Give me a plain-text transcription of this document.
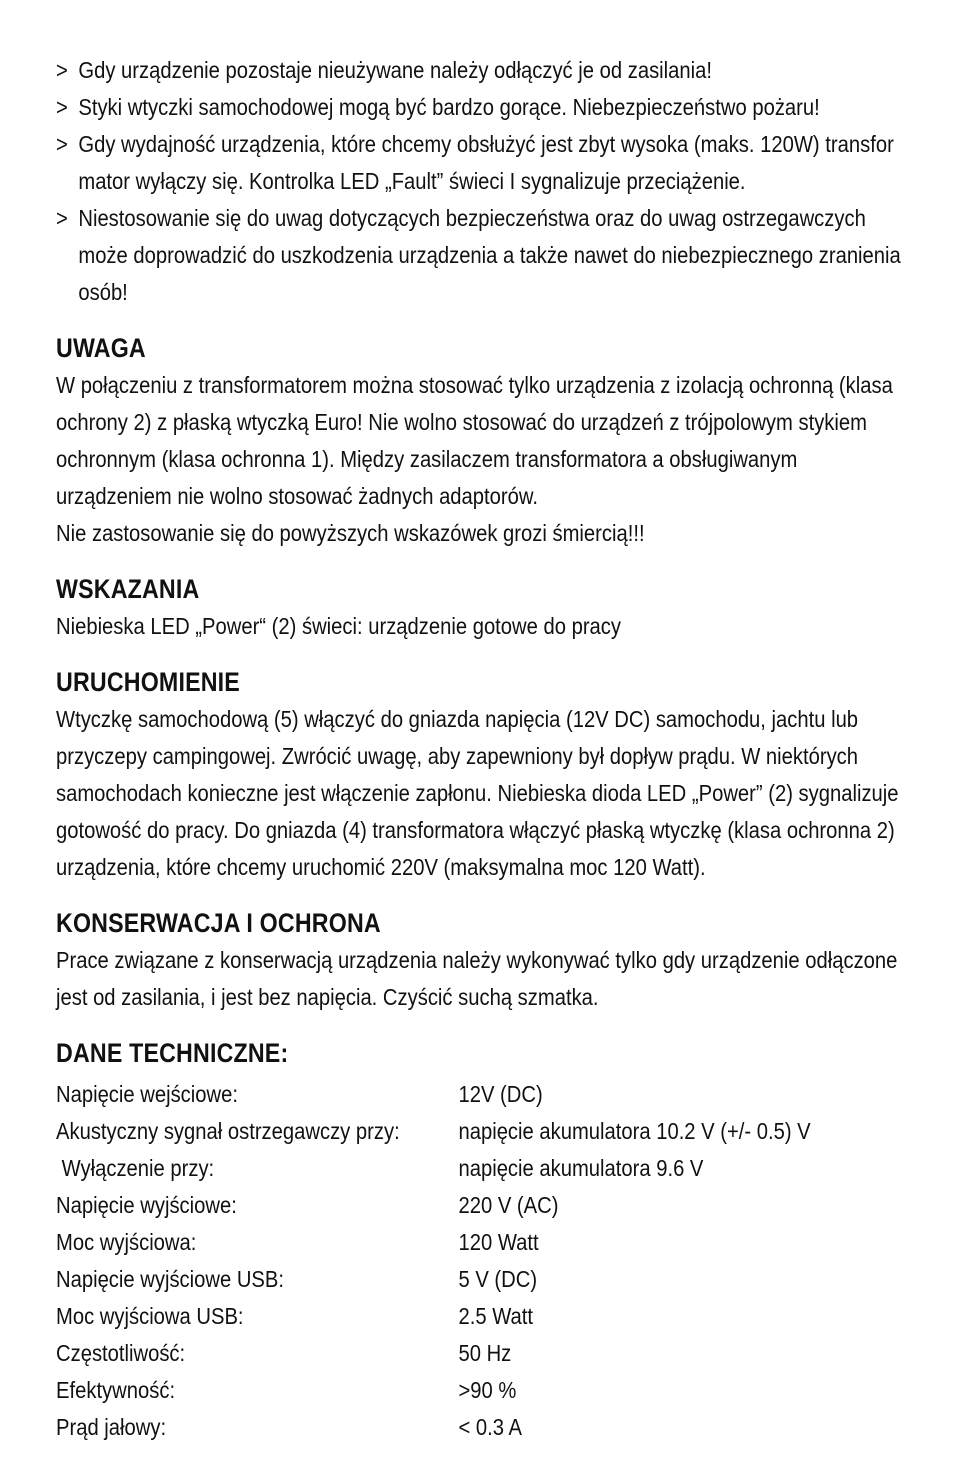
> Gdy urządzenie pozostaje nieużywane należy odłączyć je od zasilania!
> Styki wtyczki samochodowej mogą być bardzo gorące. Niebezpieczeństwo pożaru!
> Gdy wydajność urządzenia, które chcemy obsłużyć jest zbyt wysoka (maks. 120W) transfor mator wyłączy się. Kontrolka LED „Fault” świeci I sygnalizuje przeciążenie.
> Niestosowanie się do uwag dotyczących bezpieczeństwa oraz do uwag ostrzegawczych może doprowadzić do uszkodzenia urządzenia a także nawet do niebezpiecznego zranienia osób!
UWAGA

W połączeniu z transformatorem można stosować tylko urządzenia z izolacją ochronną (klasa ochrony 2) z płaską wtyczką Euro! Nie wolno stosować do urządzeń z trójpolowym stykiem ochronnym (klasa ochronna 1). Między zasilaczem transformatora a obsługiwanym urządzeniem nie wolno stosować żadnych adaptorów.

Nie zastosowanie się do powyższych wskazówek grozi śmiercią!!!

WSKAZANIA

Niebieska LED „Power“ (2) świeci: urządzenie gotowe do pracy

URUCHOMIENIE

Wtyczkę samochodową (5) włączyć do gniazda napięcia (12V DC) samochodu, jachtu lub przyczepy campingowej. Zwrócić uwagę, aby zapewniony był dopływ prądu. W niektórych samochodach konieczne jest włączenie zapłonu. Niebieska dioda LED „Power” (2) sygnalizuje gotowość do pracy. Do gniazda (4) transformatora włączyć płaską wtyczkę (klasa ochronna 2) urządzenia, które chcemy uruchomić 220V (maksymalna moc 120 Watt).

KONSERWACJA I OCHRONA

Prace związane z konserwacją urządzenia należy wykonywać tylko gdy urządzenie odłączone jest od zasilania, i jest bez napięcia. Czyścić suchą szmatka.

DANE TECHNICZNE:
Napięcie wejściowe:	12V (DC)
Akustyczny sygnał ostrzegawczy przy:	napięcie akumulatora 10.2 V (+/- 0.5) V
Wyłączenie przy:	napięcie akumulatora 9.6 V
Napięcie wyjściowe:	220 V (AC)
Moc wyjściowa:	120 Watt
Napięcie wyjściowe USB:	5 V (DC)
Moc wyjściowa USB:	2.5 Watt
Częstotliwość:	50 Hz
Efektywność:	>90 %
Prąd jałowy:	< 0.3 A
